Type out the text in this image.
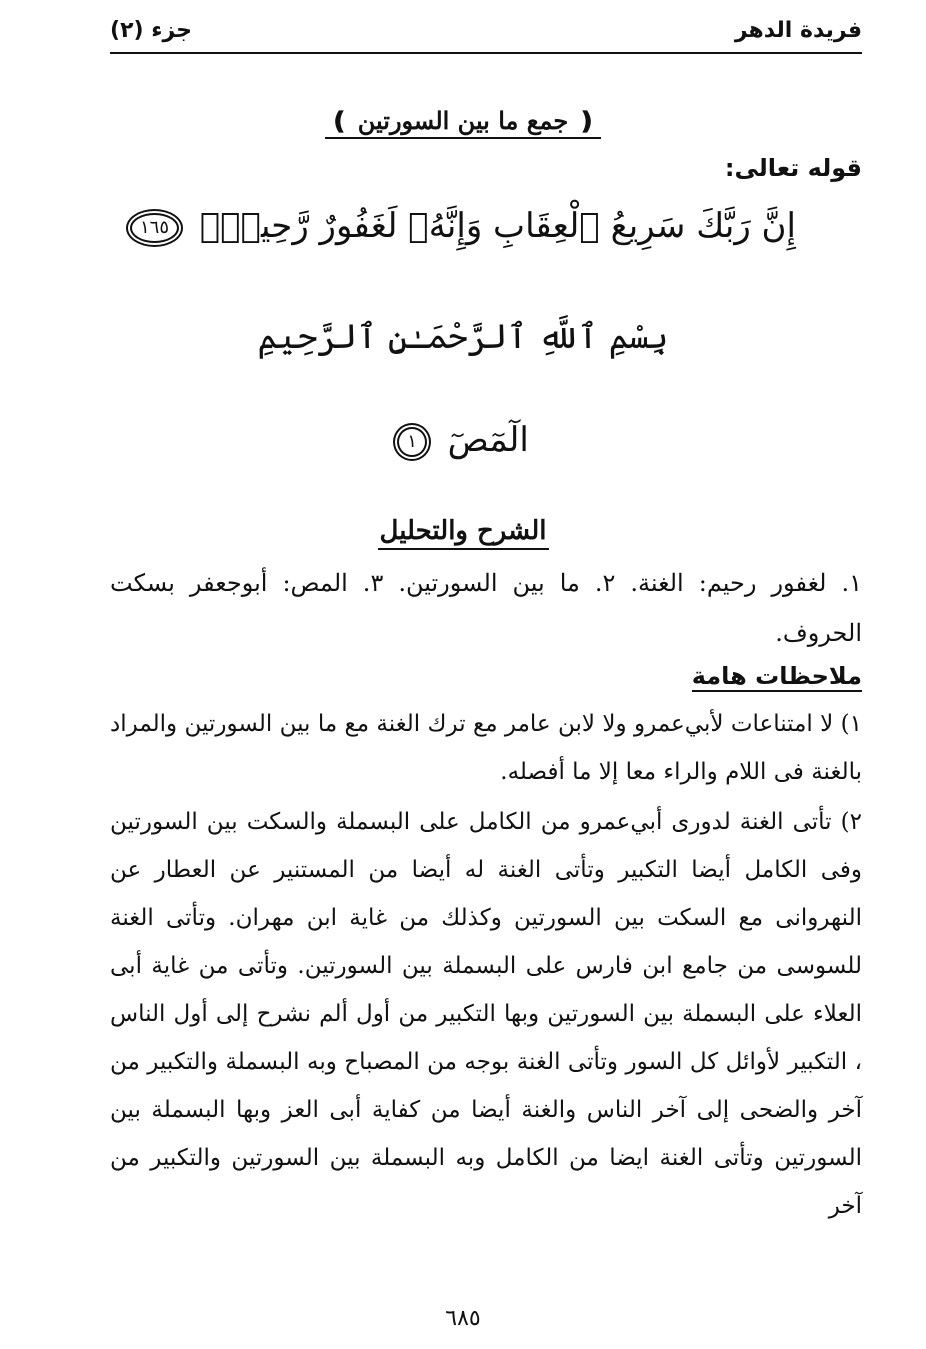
فريدة الدهر
جزء (٢)
❪ جمع ما بين السورتين ❫
قوله تعالى:
إِنَّ رَبَّكَ سَرِيعُ ٱلْعِقَابِ وَإِنَّهُۥ لَغَفُورٌ رَّحِيمُۢ ١٦٥
بِسْمِ ٱللَّهِ ٱلرَّحْمَـٰنِ ٱلرَّحِيمِ
الٓمٓصٓ ١
الشرح والتحليل
١. لغفور رحيم: الغنة. ٢. ما بين السورتين. ٣. المص: أبوجعفر بسكت الحروف.
ملاحظات هامة
١) لا امتناعات لأبي‌عمرو ولا لابن عامر مع ترك الغنة مع ما بين السورتين والمراد بالغنة فى اللام والراء معا إلا ما أفصله.
٢) تأتى الغنة لدورى أبي‌عمرو من الكامل على البسملة والسكت بين السورتين وفى الكامل أيضا التكبير وتأتى الغنة له أيضا من المستنير عن العطار عن النهروانى مع السكت بين السورتين وكذلك من غاية ابن مهران. وتأتى الغنة للسوسى من جامع ابن فارس على البسملة بين السورتين. وتأتى من غاية أبى العلاء على البسملة بين السورتين وبها التكبير من أول ألم نشرح إلى أول الناس ، التكبير لأوائل كل السور وتأتى الغنة بوجه من المصباح وبه البسملة والتكبير من آخر والضحى إلى آخر الناس والغنة أيضا من كفاية أبى العز وبها البسملة بين السورتين وتأتى الغنة ايضا من الكامل وبه البسملة بين السورتين والتكبير من آخر
٦٨٥
